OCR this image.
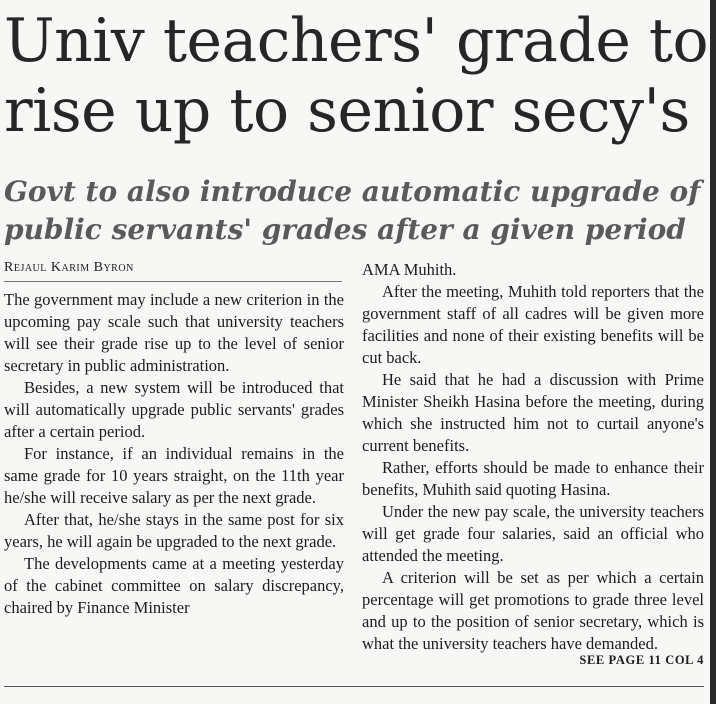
Univ teachers' grade to
rise up to senior secy's
Govt to also introduce automatic upgrade of
public servants' grades after a given period
Rejaul Karim Byron

The government may include a new criterion in the upcoming pay scale such that university teachers will see their grade rise up to the level of senior secretary in public administration.

Besides, a new system will be introduced that will automatically upgrade public servants' grades after a certain period.

For instance, if an individual remains in the same grade for 10 years straight, on the 11th year he/she will receive salary as per the next grade.

After that, he/she stays in the same post for six years, he will again be upgraded to the next grade.

The developments came at a meeting yesterday of the cabinet committee on salary discrepancy, chaired by Finance Minister

AMA Muhith.

After the meeting, Muhith told reporters that the government staff of all cadres will be given more facilities and none of their existing benefits will be cut back.

He said that he had a discussion with Prime Minister Sheikh Hasina before the meeting, during which she instructed him not to curtail anyone's current benefits.

Rather, efforts should be made to enhance their benefits, Muhith said quoting Hasina.

Under the new pay scale, the university teachers will get grade four salaries, said an official who attended the meeting.

A criterion will be set as per which a certain percentage will get promotions to grade three level and up to the position of senior secretary, which is what the university teachers have demanded.

SEE PAGE 11 COL 4
